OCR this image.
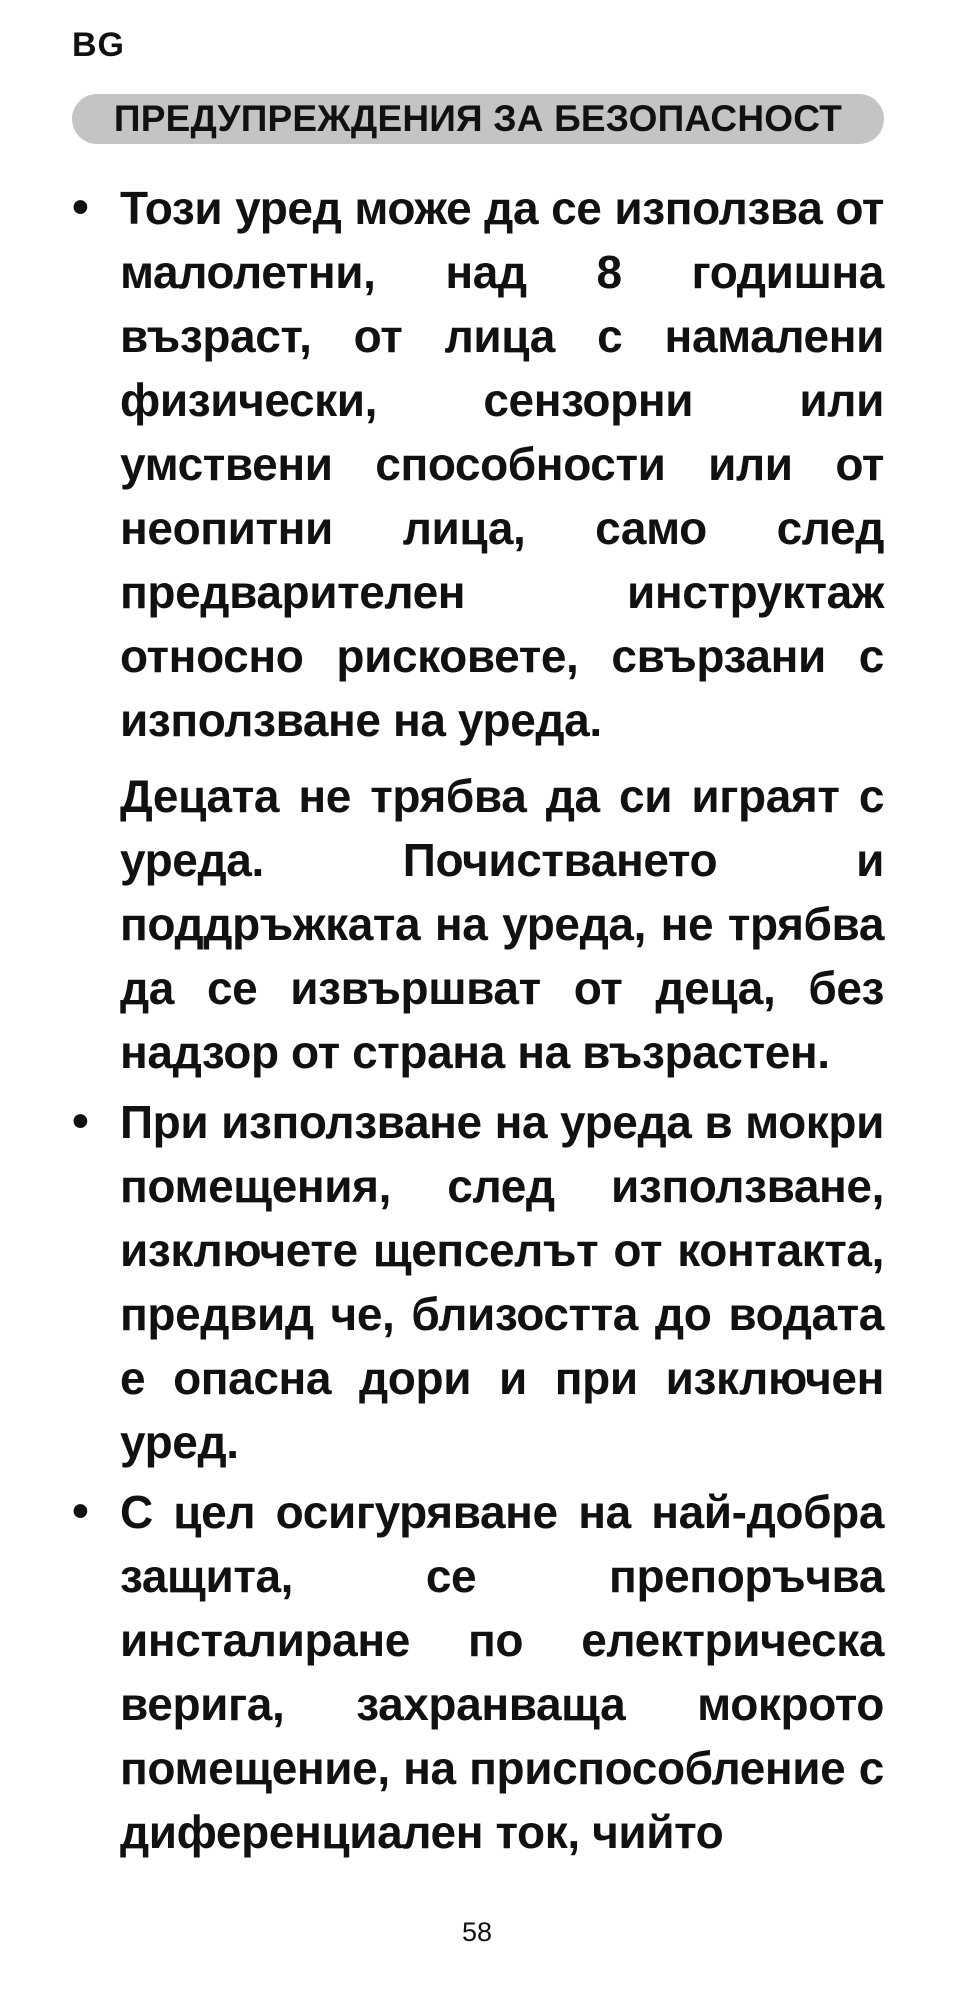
BG
ПРЕДУПРЕЖДЕНИЯ ЗА БЕЗОПАСНОСТ
• Този уред може да се използва от малолетни, над 8 годишна възраст, от лица с намалени физически, сензорни или умствени способности или от неопитни лица, само след предварителен инструктаж относно рисковете, свързани с използване на уреда.

Децата не трябва да си играят с уреда. Почистването и поддръжката на уреда, не трябва да се извършват от деца, без надзор от страна на възрастен.

• При използване на уреда в мокри помещения, след използване, изключете щепселът от контакта, предвид че, близостта до водата е опасна дори и при изключен уред.

• С цел осигуряване на най-добра защита, се препоръчва инсталиране по електрическа верига, захранваща мокрото помещение, на приспособление с диференциален ток, чийто

58
